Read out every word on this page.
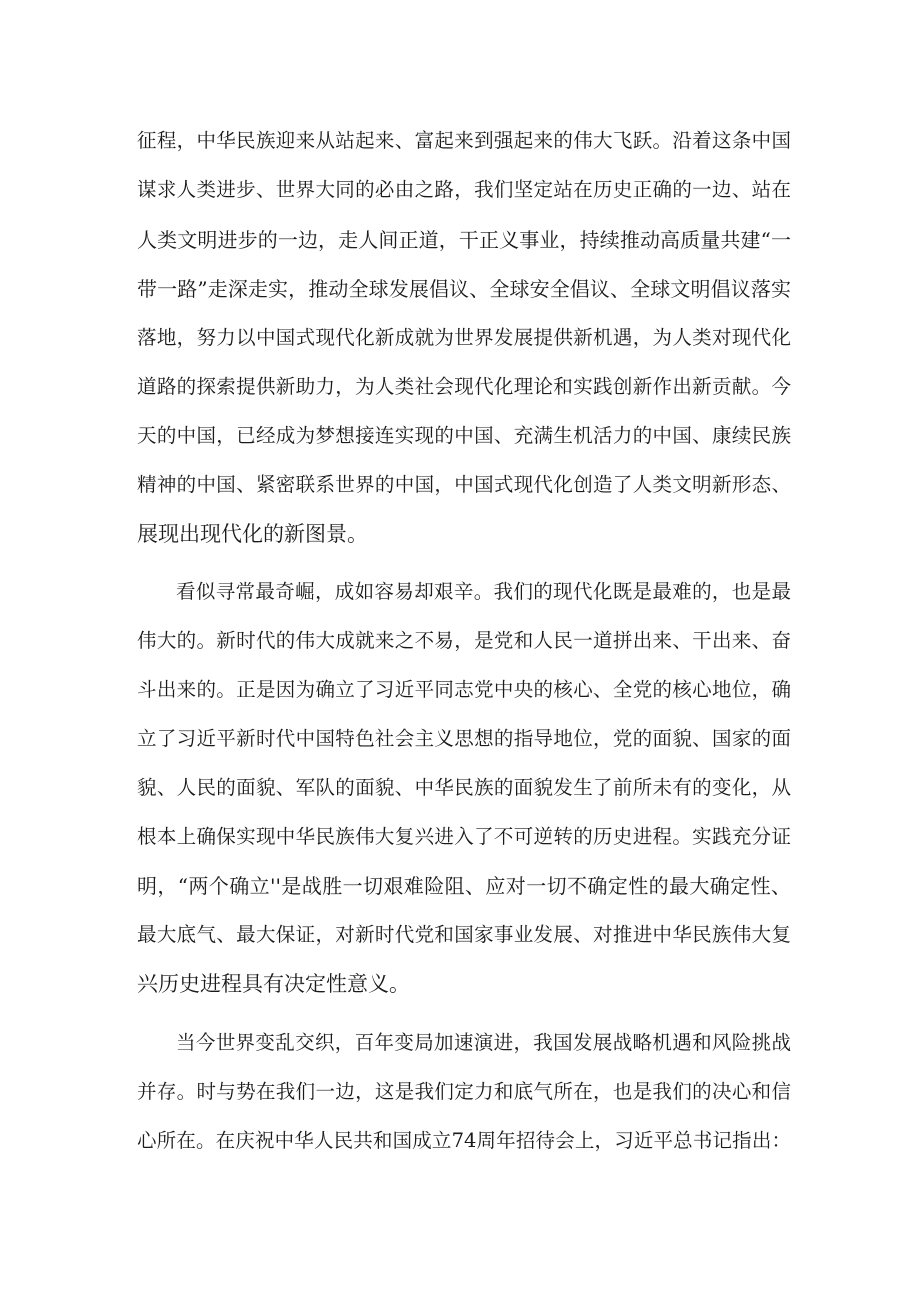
征程，中华民族迎来从站起来、富起来到强起来的伟大飞跃。沿着这条中国

谋求人类进步、世界大同的必由之路，我们坚定站在历史正确的一边、站在

人类文明进步的一边，走人间正道，干正义事业，持续推动高质量共建“一

带一路”走深走实，推动全球发展倡议、全球安全倡议、全球文明倡议落实

落地，努力以中国式现代化新成就为世界发展提供新机遇，为人类对现代化

道路的探索提供新助力，为人类社会现代化理论和实践创新作出新贡献。今

天的中国，已经成为梦想接连实现的中国、充满生机活力的中国、康续民族

精神的中国、紧密联系世界的中国，中国式现代化创造了人类文明新形态、

展现出现代化的新图景。

看似寻常最奇崛，成如容易却艰辛。我们的现代化既是最难的，也是最

伟大的。新时代的伟大成就来之不易，是党和人民一道拼出来、干出来、奋

斗出来的。正是因为确立了习近平同志党中央的核心、全党的核心地位，确

立了习近平新时代中国特色社会主义思想的指导地位，党的面貌、国家的面

貌、人民的面貌、军队的面貌、中华民族的面貌发生了前所未有的变化，从

根本上确保实现中华民族伟大复兴进入了不可逆转的历史进程。实践充分证

明，“两个确立''是战胜一切艰难险阻、应对一切不确定性的最大确定性、

最大底气、最大保证，对新时代党和国家事业发展、对推进中华民族伟大复

兴历史进程具有决定性意义。

当今世界变乱交织，百年变局加速演进，我国发展战略机遇和风险挑战

并存。时与势在我们一边，这是我们定力和底气所在，也是我们的决心和信

心所在。在庆祝中华人民共和国成立74周年招待会上，习近平总书记指出：
